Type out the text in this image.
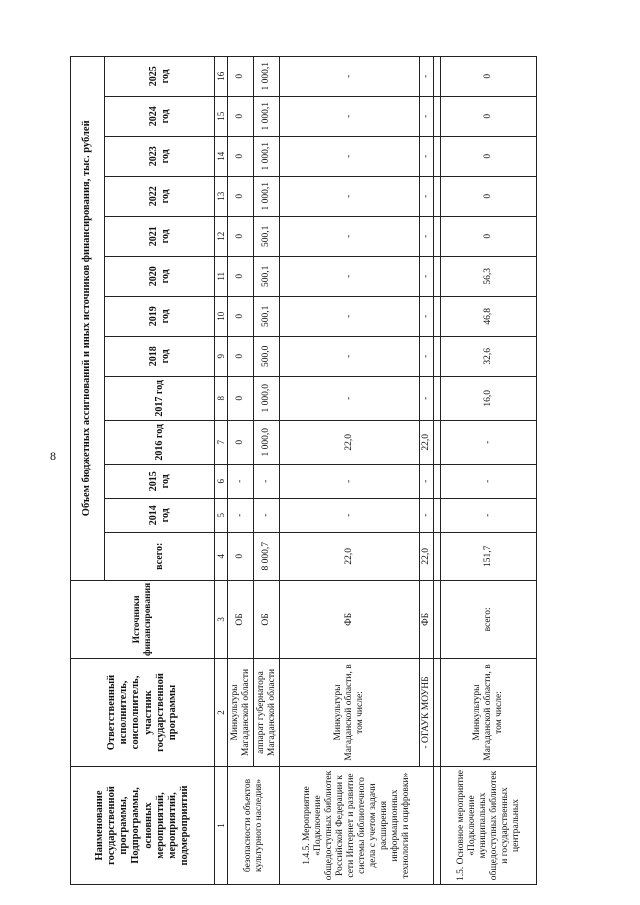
8
Наименование государственной программы, Подпрограммы, основных мероприятий, мероприятий, подмероприятий	Ответственный исполнитель, соисполнитель, участник государственной программы	Источники финансирования	Объем бюджетных ассигнований и иных источников финансирования, тыс. рублей												
			всего:	2014 год	2015 год	2016 год	2017 год	2018 год	2019 год	2020 год	2021 год	2022 год	2023 год	2024 год	2025 год
1	2	3	4	5	6	7	8	9	10	11	12	13	14	15	16
безопасности объектов культурного наследия»	Минкультуры Магаданской области	ОБ	0	-	-	0	0	0	0	0	0	0	0	0	0
	аппарат губернатора Магаданской области	ОБ	8 000,7	-	-	1 000,0	1 000,0	500,0	500,1	500,1	500,1	1 000,1	1 000,1	1 000,1	1 000,1
1.4.5. Мероприятие «Подключение общедоступных библиотек Российской Федерации к сети Интернет и развитие системы библиотечного дела с учетом задачи расширения информационных технологий и оцифровки»	Минкультуры Магаданской области, в том числе:	ФБ	22,0	-	-	22,0	-	-	-	-	-	-	-	-	-
	- ОГАУК МОУНБ	ФБ	22,0	-	-	22,0	-	-	-	-	-	-	-	-	-

1.5. Основное мероприятие «Подключение муниципальных общедоступных библиотек и государственных центральных	Минкультуры Магаданской области, в том числе:	всего:	151,7	-	-	-	16,0	32,6	46,8	56,3	0	0	0	0	0
